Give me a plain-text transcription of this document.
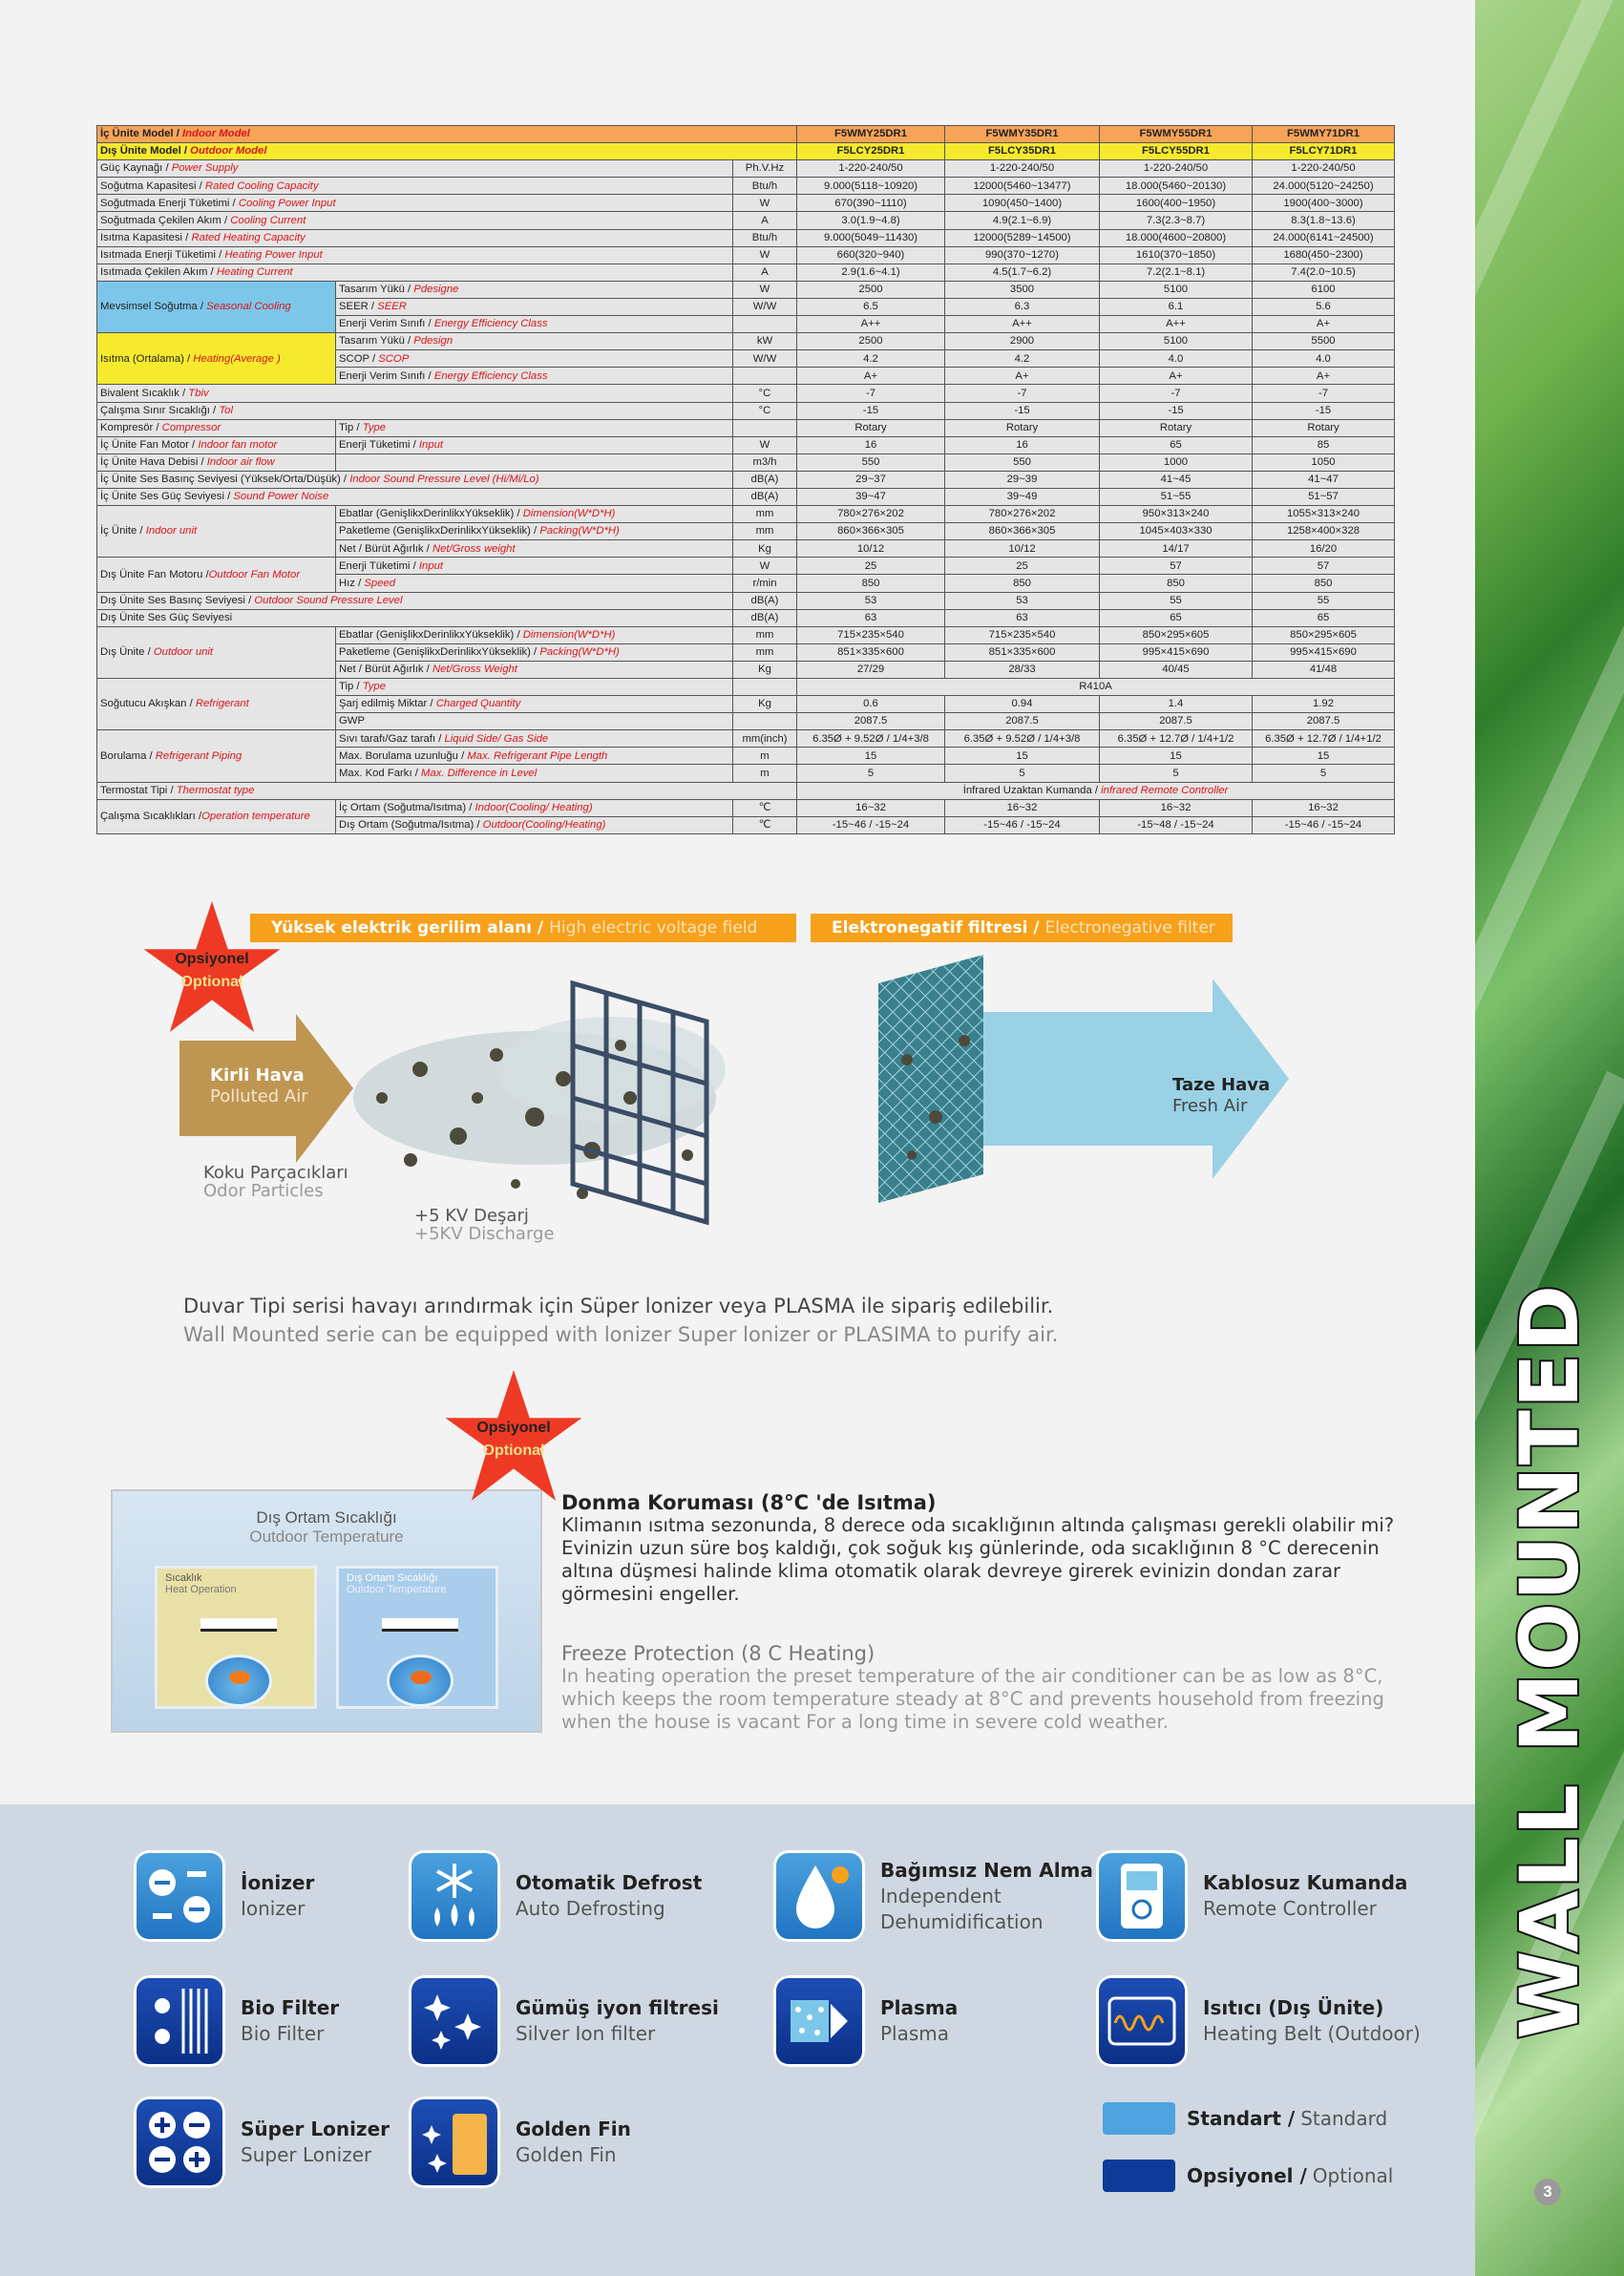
WALL MOUNTED
3
İç Ünite Model / Indoor Model			F5WMY25DR1	F5WMY35DR1	F5WMY55DR1	F5WMY71DR1
Dış Ünite Model / Outdoor Model			F5LCY25DR1	F5LCY35DR1	F5LCY55DR1	F5LCY71DR1
Güç Kaynağı / Power Supply		Ph.V.Hz	1-220-240/50	1-220-240/50	1-220-240/50	1-220-240/50
Soğutma Kapasitesi / Rated Cooling Capacity		Btu/h	9.000(5118~10920)	12000(5460~13477)	18.000(5460~20130)	24.000(5120~24250)
Soğutmada Enerji Tüketimi / Cooling Power Input		W	670(390~1110)	1090(450~1400)	1600(400~1950)	1900(400~3000)
Soğutmada Çekilen Akım / Cooling Current		A	3.0(1.9~4.8)	4.9(2.1~6.9)	7.3(2.3~8.7)	8.3(1.8~13.6)
Isıtma Kapasitesi / Rated Heating Capacity		Btu/h	9.000(5049~11430)	12000(5289~14500)	18.000(4600~20800)	24.000(6141~24500)
Isıtmada Enerji Tüketimi / Heating Power Input		W	660(320~940)	990(370~1270)	1610(370~1850)	1680(450~2300)
Isıtmada Çekilen Akım / Heating Current		A	2.9(1.6~4.1)	4.5(1.7~6.2)	7.2(2.1~8.1)	7.4(2.0~10.5)
Mevsimsel Soğutma / Seasonal Cooling	Tasarım Yükü / Pdesigne	W	2500	3500	5100	6100
	SEER / SEER	W/W	6.5	6.3	6.1	5.6
	Enerji Verim Sınıfı / Energy Efficiency Class		A++	A++	A++	A+
Isıtma (Ortalama) / Heating(Average )	Tasarım Yükü / Pdesign	kW	2500	2900	5100	5500
	SCOP / SCOP	W/W	4.2	4.2	4.0	4.0
	Enerji Verim Sınıfı / Energy Efficiency Class		A+	A+	A+	A+
Bivalent Sıcaklık / Tbiv		°C	-7	-7	-7	-7
Çalışma Sınır Sıcaklığı / Tol		°C	-15	-15	-15	-15
Kompresör / Compressor	Tip / Type		Rotary	Rotary	Rotary	Rotary
İç Ünite Fan Motor / Indoor fan motor	Enerji Tüketimi / Input	W	16	16	65	85
İç Ünite Hava Debisi / Indoor air flow		m3/h	550	550	1000	1050
İç Ünite Ses Basınç Seviyesi (Yüksek/Orta/Düşük) / Indoor Sound Pressure Level (Hi/Mi/Lo)		dB(A)	29~37	29~39	41~45	41~47
İç Ünite Ses Güç Seviyesi / Sound Power Noise		dB(A)	39~47	39~49	51~55	51~57
İç Ünite / Indoor unit	Ebatlar (GenişlikxDerinlikxYükseklik) / Dimension(W*D*H)	mm	780×276×202	780×276×202	950×313×240	1055×313×240
	Paketleme (GenişlikxDerinlikxYükseklik) / Packing(W*D*H)	mm	860×366×305	860×366×305	1045×403×330	1258×400×328
	Net / Bürüt Ağırlık / Net/Gross weight	Kg	10/12	10/12	14/17	16/20
Dış Ünite Fan Motoru /Outdoor Fan Motor	Enerji Tüketimi / Input	W	25	25	57	57
	Hız / Speed	r/min	850	850	850	850
Dış Ünite Ses Basınç Seviyesi / Outdoor Sound Pressure Level		dB(A)	53	53	55	55
Dış Ünite Ses Güç Seviyesi		dB(A)	63	63	65	65
Dış Ünite / Outdoor unit	Ebatlar (GenişlikxDerinlikxYükseklik) / Dimension(W*D*H)	mm	715×235×540	715×235×540	850×295×605	850×295×605
	Paketleme (GenişlikxDerinlikxYükseklik) / Packing(W*D*H)	mm	851×335×600	851×335×600	995×415×690	995×415×690
	Net / Bürüt Ağırlık / Net/Gross Weight	Kg	27/29	28/33	40/45	41/48
Soğutucu Akışkan / Refrigerant	Tip / Type		R410A			
	Şarj edilmiş Miktar / Charged Quantity	Kg	0.6	0.94	1.4	1.92
	GWP		2087.5	2087.5	2087.5	2087.5
Borulama / Refrigerant Piping	Sıvı tarafı/Gaz tarafı / Liquid Side/ Gas Side	mm(inch)	6.35Ø + 9.52Ø / 1/4+3/8	6.35Ø + 9.52Ø / 1/4+3/8	6.35Ø + 12.7Ø / 1/4+1/2	6.35Ø + 12.7Ø / 1/4+1/2
	Max. Borulama uzunluğu / Max. Refrigerant Pipe Length	m	15	15	15	15
	Max. Kod Farkı / Max. Difference in Level	m	5	5	5	5
Termostat Tipi / Thermostat type			İnfrared Uzaktan Kumanda / infrared Remote Controller			
Çalışma Sıcaklıkları /Operation temperature	İç Ortam (Soğutma/Isıtma) / Indoor(Cooling/ Heating)	℃	16~32	16~32	16~32	16~32
	Dış Ortam (Soğutma/Isıtma) / Outdoor(Cooling/Heating)	℃	-15~46 / -15~24	-15~46 / -15~24	-15~48 / -15~24	-15~46 / -15~24
Yüksek elektrik gerilim alanı / High electric voltage field	Elektronegatif filtresi / Electronegative filter
Opsiyonel
Optional
Kirli Hava
Polluted Air
Taze Hava
Fresh Air
Koku Parçacıkları
Odor Particles
+5 KV Deşarj
+5KV Discharge
Duvar Tipi serisi havayı arındırmak için Süper lonizer veya PLASMA ile sipariş edilebilir.
Wall Mounted serie can be equipped with lonizer Super lonizer or PLASIMA to purify air.
Dış Ortam Sıcaklığı
Outdoor Temperature
Sıcaklık
Heat Operation
Dış Ortam Sıcaklığı
Outdoor Temperature
Opsiyonel
Optional
Donma Koruması (8°C 'de Isıtma)
Klimanın ısıtma sezonunda, 8 derece oda sıcaklığının altında çalışması gerekli olabilir mi? Evinizin uzun süre boş kaldığı, çok soğuk kış günlerinde, oda sıcaklığının 8 °C derecenin altına düşmesi halinde klima otomatik olarak devreye girerek evinizin dondan zarar görmesini engeller.
Freeze Protection (8 C Heating)
In heating operation the preset temperature of the air conditioner can be as low as 8°C, which keeps the room temperature steady at 8°C and prevents household from freezing when the house is vacant For a long time in severe cold weather.
İonizer
Ionizer
Otomatik Defrost
Auto Defrosting
Bağımsız Nem Alma
Independent Dehumidification
Kablosuz Kumanda
Remote Controller
Bio Filter
Bio Filter
Gümüş iyon filtresi
Silver Ion filter
Plasma
Plasma
Isıtıcı (Dış Ünite)
Heating Belt (Outdoor)
Süper Lonizer
Super Lonizer
Golden Fin
Golden Fin
Standart / Standard
Opsiyonel / Optional
